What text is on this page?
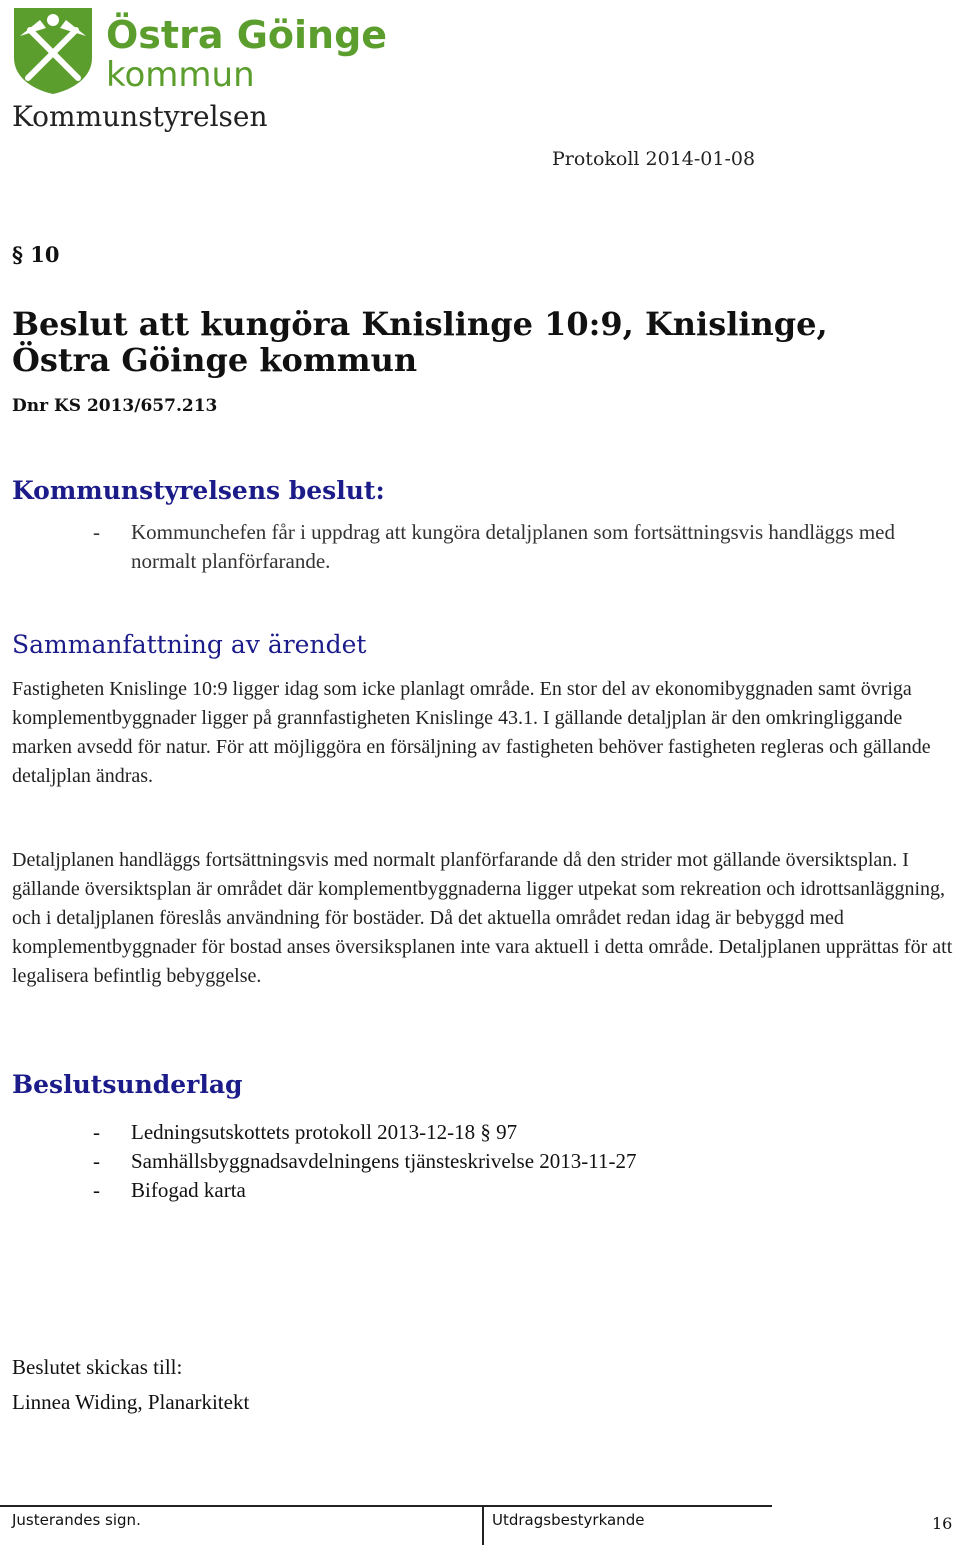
Östra Göinge
kommun
Kommunstyrelsen
Protokoll 2014-01-08
§ 10
Beslut att kungöra Knislinge 10:9, Knislinge, Östra Göinge kommun
Dnr KS 2013/657.213
Kommunstyrelsens beslut:
- Kommunchefen får i uppdrag att kungöra detaljplanen som fortsättningsvis handläggs med normalt planförfarande.
Sammanfattning av ärendet
Fastigheten Knislinge 10:9 ligger idag som icke planlagt område. En stor del av ekonomibyggnaden samt övriga komplementbyggnader ligger på grannfastigheten Knislinge 43.1. I gällande detaljplan är den omkringliggande marken avsedd för natur. För att möjliggöra en försäljning av fastigheten behöver fastigheten regleras och gällande detaljplan ändras.
Detaljplanen handläggs fortsättningsvis med normalt planförfarande då den strider mot gällande översiktsplan. I gällande översiktsplan är området där komplementbyggnaderna ligger utpekat som rekreation och idrottsanläggning, och i detaljplanen föreslås användning för bostäder. Då det aktuella området redan idag är bebyggd med komplementbyggnader för bostad anses översiksplanen inte vara aktuell i detta område. Detaljplanen upprättas för att legalisera befintlig bebyggelse.
Beslutsunderlag
- Ledningsutskottets protokoll 2013-12-18 § 97
- Samhällsbyggnadsavdelningens tjänsteskrivelse 2013-11-27
- Bifogad karta
Beslutet skickas till:
Linnea Widing, Planarkitekt
Justerandes sign.	Utdragsbestyrkande	16
